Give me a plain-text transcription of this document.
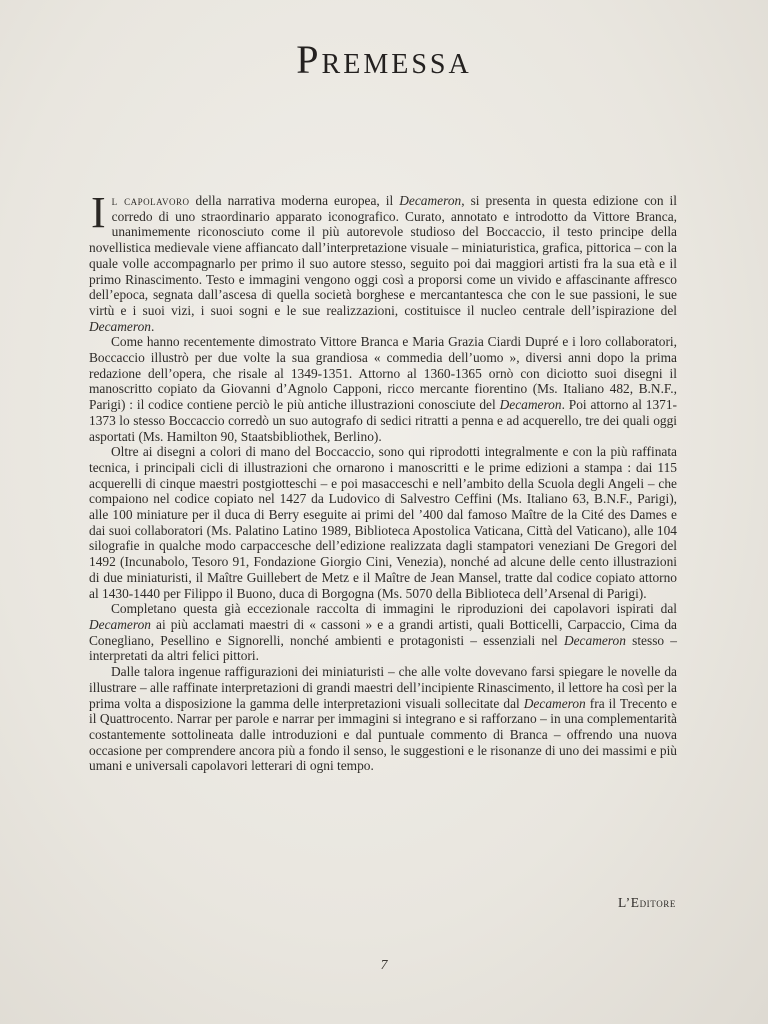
Premessa

Il capolavoro della narrativa moderna europea, il Decameron, si presenta in questa edizione con il corredo di uno straordinario apparato iconografico. Curato, annotato e introdotto da Vittore Branca, unanimemente riconosciuto come il più autorevole studioso del Boccaccio, il testo principe della novellistica medievale viene affiancato dall’interpretazione visuale – miniaturistica, grafica, pittorica – con la quale volle accompagnarlo per primo il suo autore stesso, seguito poi dai maggiori artisti fra la sua età e il primo Rinascimento. Testo e immagini vengono oggi così a proporsi come un vivido e affascinante affresco dell’epoca, segnata dall’ascesa di quella società borghese e mercantantesca che con le sue passioni, le sue virtù e i suoi vizi, i suoi sogni e le sue realizzazioni, costituisce il nucleo centrale dell’ispirazione del Decameron.

Come hanno recentemente dimostrato Vittore Branca e Maria Grazia Ciardi Dupré e i loro collaboratori, Boccaccio illustrò per due volte la sua grandiosa « commedia dell’uomo », diversi anni dopo la prima redazione dell’opera, che risale al 1349-1351. Attorno al 1360-1365 ornò con diciotto suoi disegni il manoscritto copiato da Giovanni d’Agnolo Capponi, ricco mercante fiorentino (Ms. Italiano 482, B.N.F., Parigi) : il codice contiene perciò le più antiche illustrazioni conosciute del Decameron. Poi attorno al 1371-1373 lo stesso Boccaccio corredò un suo autografo di sedici ritratti a penna e ad acquerello, tre dei quali oggi asportati (Ms. Hamilton 90, Staatsbibliothek, Berlino).

Oltre ai disegni a colori di mano del Boccaccio, sono qui riprodotti integralmente e con la più raffinata tecnica, i principali cicli di illustrazioni che ornarono i manoscritti e le prime edizioni a stampa : dai 115 acquerelli di cinque maestri postgiotteschi – e poi masacceschi e nell’ambito della Scuola degli Angeli – che compaiono nel codice copiato nel 1427 da Ludovico di Salvestro Ceffini (Ms. Italiano 63, B.N.F., Parigi), alle 100 miniature per il duca di Berry eseguite ai primi del ’400 dal famoso Maître de la Cité des Dames e dai suoi collaboratori (Ms. Palatino Latino 1989, Biblioteca Apostolica Vaticana, Città del Vaticano), alle 104 silografie in qualche modo carpaccesche dell’edizione realizzata dagli stampatori veneziani De Gregori del 1492 (Incunabolo, Tesoro 91, Fondazione Giorgio Cini, Venezia), nonché ad alcune delle cento illustrazioni di due miniaturisti, il Maître Guillebert de Metz e il Maître de Jean Mansel, tratte dal codice copiato attorno al 1430-1440 per Filippo il Buono, duca di Borgogna (Ms. 5070 della Biblioteca dell’Arsenal di Parigi).

Completano questa già eccezionale raccolta di immagini le riproduzioni dei capolavori ispirati dal Decameron ai più acclamati maestri di « cassoni » e a grandi artisti, quali Botticelli, Carpaccio, Cima da Conegliano, Pesellino e Signorelli, nonché ambienti e protagonisti – essenziali nel Decameron stesso – interpretati da altri felici pittori.

Dalle talora ingenue raffigurazioni dei miniaturisti – che alle volte dovevano farsi spiegare le novelle da illustrare – alle raffinate interpretazioni di grandi maestri dell’incipiente Rinascimento, il lettore ha così per la prima volta a disposizione la gamma delle interpretazioni visuali sollecitate dal Decameron fra il Trecento e il Quattrocento. Narrar per parole e narrar per immagini si integrano e si rafforzano – in una complementarità costantemente sottolineata dalle introduzioni e dal puntuale commento di Branca – offrendo una nuova occasione per comprendere ancora più a fondo il senso, le suggestioni e le risonanze di uno dei massimi e più umani e universali capolavori letterari di ogni tempo.

L’Editore
7
